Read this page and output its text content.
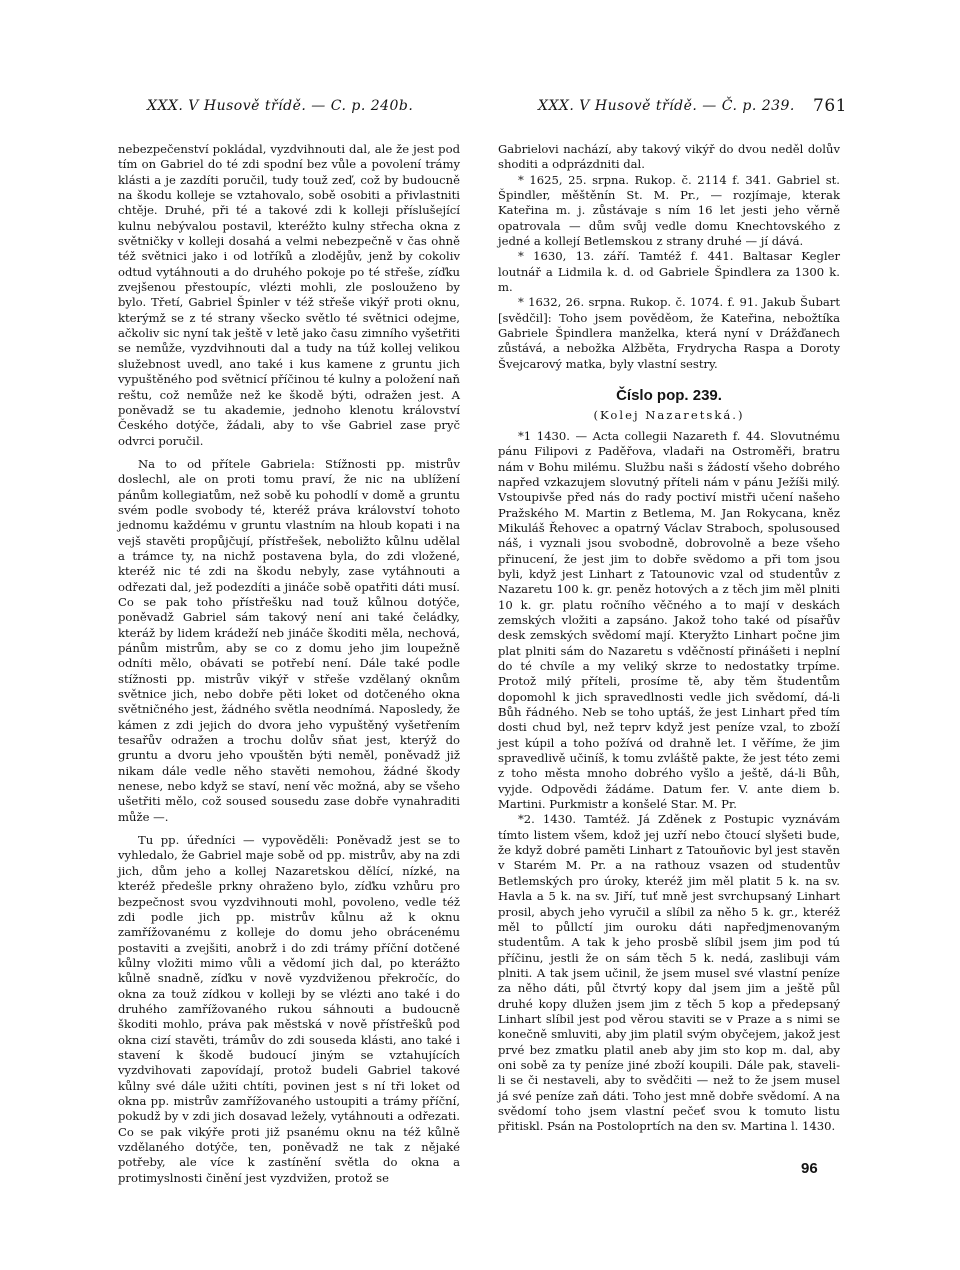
XXX. V Husově třídě. — C. p. 240b.	XXX. V Husově třídě. — Č. p. 239. 761

nebezpečenství pokládal, vyzdvihnouti dal, ale že jest pod tím on Gabriel do té zdi spodní bez vůle a povolení trámy klásti a je zazdíti poručil, tudy touž zeď, což by budoucně na škodu kolleje se vztahovalo, sobě osobiti a přivlastniti chtěje. Druhé, při té a takové zdi k kolleji příslušející kulnu nebývalou postavil, kteréžto kulny střecha okna z světničky v kolleji dosahá a velmi nebezpečně v čas ohně též světnici jako i od lotříků a zlodějův, jenž by cokoliv odtud vytáhnouti a do druhého pokoje po té střeše, zíďku zvejšenou přestoupíc, vlézti mohli, zle poslouženo by bylo. Třetí, Gabriel Špinler v též střeše vikýř proti oknu, kterýmž se z té strany všecko světlo té světnici odejme, ačkoliv sic nyní tak ještě v letě jako času zimního vyšetřiti se nemůže, vyzdvihnouti dal a tudy na túž kollej velikou služebnost uvedl, ano také i kus kamene z gruntu jich vypuštěného pod světnicí příčinou té kulny a položení naň reštu, což nemůže než ke škodě býti, odražen jest. A poněvadž se tu akademie, jednoho klenotu království Českého dotýče, žádali, aby to vše Gabriel zase pryč odvrci poručil.

Na to od přítele Gabriela: Stížnosti pp. mistrův doslechl, ale on proti tomu praví, že nic na ublížení pánům kollegiatům, než sobě ku pohodlí v domě a gruntu svém podle svobody té, kteréž práva království tohoto jednomu každému v gruntu vlastním na hloub kopati i na vejš stavěti propůjčují, přístřešek, neboližto kůlnu udělal a trámce ty, na nichž postavena byla, do zdi vložené, kteréž nic té zdi na škodu nebyly, zase vytáhnouti a odřezati dal, jež podezdíti a jináče sobě opatřiti dáti musí. Co se pak toho přístřešku nad touž kůlnou dotýče, poněvadž Gabriel sám takový není ani také čeládky, kteráž by lidem krádeží neb jináče škoditi měla, nechová, pánům mistrům, aby se co z domu jeho jim loupežně odníti mělo, obávati se potřebí není. Dále také podle stížnosti pp. mistrův vikýř v střeše vzdělaný oknům světnice jich, nebo dobře pěti loket od dotčeného okna světničného jest, žádného světla neodnímá. Naposledy, že kámen z zdi jejich do dvora jeho vypuštěný vyšetřením tesařův odražen a trochu dolův sňat jest, kterýž do gruntu a dvoru jeho vpouštěn býti neměl, poněvadž již nikam dále vedle něho stavěti nemohou, žádné škody nenese, nebo když se staví, není věc možná, aby se všeho ušetřiti mělo, což soused sousedu zase dobře vynahraditi může —.

Tu pp. úředníci — vypověděli: Poněvadž jest se to vyhledalo, že Gabriel maje sobě od pp. mistrův, aby na zdi jich, dům jeho a kollej Nazaretskou dělící, nízké, na kteréž předešle prkny ohraženo bylo, zíďku vzhůru pro bezpečnost svou vyzdvihnouti mohl, povoleno, vedle též zdi podle jich pp. mistrův kůlnu až k oknu zamřížovanému z kolleje do domu jeho obrácenému postaviti a zvejšiti, anobrž i do zdi trámy příční dotčené kůlny vložiti mimo vůli a vědomí jich dal, po kterážto kůlně snadně, zíďku v nově vyzdviženou překročíc, do okna za touž zídkou v kolleji by se vlézti ano také i do druhého zamřížovaného rukou sáhnouti a budoucně škoditi mohlo, práva pak městská v nově přístřešků pod okna cizí stavěti, trámův do zdi souseda klásti, ano také i stavení k škodě budoucí jiným se vztahujících vyzdvihovati zapovídají, protož budeli Gabriel takové kůlny své dále užiti chtíti, povinen jest s ní tři loket od okna pp. mistrův zamřížovaného ustoupiti a trámy příční, pokudž by v zdi jich dosavad ležely, vytáhnouti a odřezati. Co se pak vikýře proti již psanému oknu na též kůlně vzdělaného dotýče, ten, poněvadž ne tak z nějaké potřeby, ale více k zastínění světla do okna a protimyslnosti činění jest vyzdvižen, protož se

Gabrielovi nachází, aby takový vikýř do dvou neděl dolův shoditi a odprázdniti dal.

* 1625, 25. srpna. Rukop. č. 2114 f. 341. Gabriel st. Špindler, měštěnín St. M. Pr., — rozjímaje, kterak Kateřina m. j. zůstávaje s ním 16 let jesti jeho věrně opatrovala — dům svůj vedle domu Knechtovského z jedné a kollejí Betlemskou z strany druhé — jí dává.

* 1630, 13. září. Tamtéž f. 441. Baltasar Kegler loutnář a Lidmila k. d. od Gabriele Špindlera za 1300 k. m.

* 1632, 26. srpna. Rukop. č. 1074. f. 91. Jakub Šubart [svědčil]: Toho jsem pověděom, že Kateřina, nebožtíka Gabriele Špindlera manželka, která nyní v Drážďanech zůstává, a nebožka Alžběta, Frydrycha Raspa a Doroty Švejcarový matka, byly vlastní sestry.

Číslo pop. 239.
(Kolej Nazaretská.)

*1 1430. — Acta collegii Nazareth f. 44. Slovutnému pánu Filipovi z Paděřova, vladaři na Ostroměři, bratru nám v Bohu milému. Službu naši s žádostí všeho dobrého napřed vzkazujem slovutný příteli nám v pánu Ježíši milý. Vstoupivše před nás do rady poctiví mistři učení našeho Pražského M. Martin z Betlema, M. Jan Rokycana, kněz Mikuláš Řehovec a opatrný Václav Straboch, spolusoused náš, i vyznali jsou svobodně, dobrovolně a beze všeho přinucení, že jest jim to dobře svědomo a při tom jsou byli, když jest Linhart z Tatounovic vzal od studentův z Nazaretu 100 k. gr. peněz hotových a z těch jim měl plniti 10 k. gr. platu ročního věčného a to mají v deskách zemských vložiti a zapsáno. Jakož toho také od písařův desk zemských svědomí mají. Kteryžto Linhart počne jim plat plniti sám do Nazaretu s vděčností přinášeti i neplní do té chvíle a my veliký skrze to nedostatky trpíme. Protož milý příteli, prosíme tě, aby těm študentům dopomohl k jich spravedlnosti vedle jich svědomí, dá-li Bůh řádného. Neb se toho uptáš, že jest Linhart před tím dosti chud byl, než teprv když jest peníze vzal, to zboží jest kúpil a toho požívá od drahně let. I věříme, že jim spravedlivě učiníš, k tomu zvláště pakte, že jest této zemi z toho města mnoho dobrého vyšlo a ještě, dá-li Bůh, vyjde. Odpovědi žádáme. Datum fer. V. ante diem b. Martini. Purkmistr a konšelé Star. M. Pr.

*2. 1430. Tamtéž. Já Zděnek z Postupic vyznávám tímto listem všem, kdož jej uzří nebo čtoucí slyšeti bude, že když dobré paměti Linhart z Tatouňovic byl jest stavěn v Starém M. Pr. a na rathouz vsazen od studentův Betlemských pro úroky, kteréž jim měl platit 5 k. na sv. Havla a 5 k. na sv. Jiří, tuť mně jest svrchupsaný Linhart prosil, abych jeho vyručil a slíbil za něho 5 k. gr., kteréž měl to půllctí jim ouroku dáti napředjmenovaným studentům. A tak k jeho prosbě slíbil jsem jim pod tú příčinu, jestli že on sám těch 5 k. nedá, zaslibuji vám plniti. A tak jsem učinil, že jsem musel své vlastní peníze za něho dáti, půl čtvrtý kopy dal jsem jim a ještě půl druhé kopy dlužen jsem jim z těch 5 kop a předepsaný Linhart slíbil jest pod věrou staviti se v Praze a s nimi se konečně smluviti, aby jim platil svým obyčejem, jakož jest prvé bez zmatku platil aneb aby jim sto kop m. dal, aby oni sobě za ty peníze jiné zboží koupili. Dále pak, staveli-li se či nestaveli, aby to svědčiti — než to že jsem musel já své peníze zaň dáti. Toho jest mně dobře svědomí. A na svědomí toho jsem vlastní pečeť svou k tomuto listu přitiskl. Psán na Postoloprtích na den sv. Martina l. 1430.

96
